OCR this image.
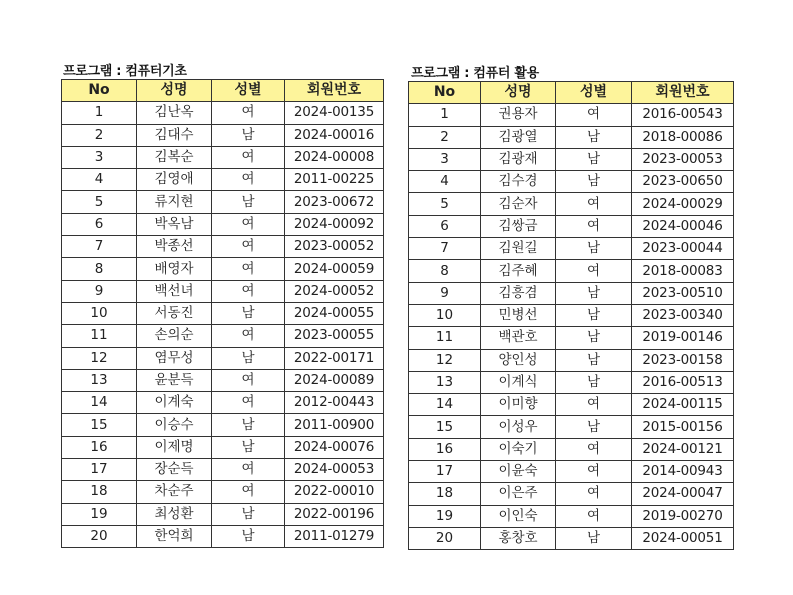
프로그램 : 컴퓨터기초
No	성명	성별	회원번호
1	김난옥	여	2024-00135
2	김대수	남	2024-00016
3	김복순	여	2024-00008
4	김영애	여	2011-00225
5	류지현	남	2023-00672
6	박옥남	여	2024-00092
7	박종선	여	2023-00052
8	배영자	여	2024-00059
9	백선녀	여	2024-00052
10	서동진	남	2024-00055
11	손의순	여	2023-00055
12	염무성	남	2022-00171
13	윤분득	여	2024-00089
14	이계숙	여	2012-00443
15	이승수	남	2011-00900
16	이제명	남	2024-00076
17	장순득	여	2024-00053
18	차순주	여	2022-00010
19	최성환	남	2022-00196
20	한억희	남	2011-01279
프로그램 : 컴퓨터 활용
No	성명	성별	회원번호
1	권용자	여	2016-00543
2	김광열	남	2018-00086
3	김광재	남	2023-00053
4	김수경	남	2023-00650
5	김순자	여	2024-00029
6	김쌍금	여	2024-00046
7	김원길	남	2023-00044
8	김주혜	여	2018-00083
9	김흥겸	남	2023-00510
10	민병선	남	2023-00340
11	백관호	남	2019-00146
12	양인성	남	2023-00158
13	이계식	남	2016-00513
14	이미향	여	2024-00115
15	이성우	남	2015-00156
16	이숙기	여	2024-00121
17	이윤숙	여	2014-00943
18	이은주	여	2024-00047
19	이인숙	여	2019-00270
20	홍창호	남	2024-00051
